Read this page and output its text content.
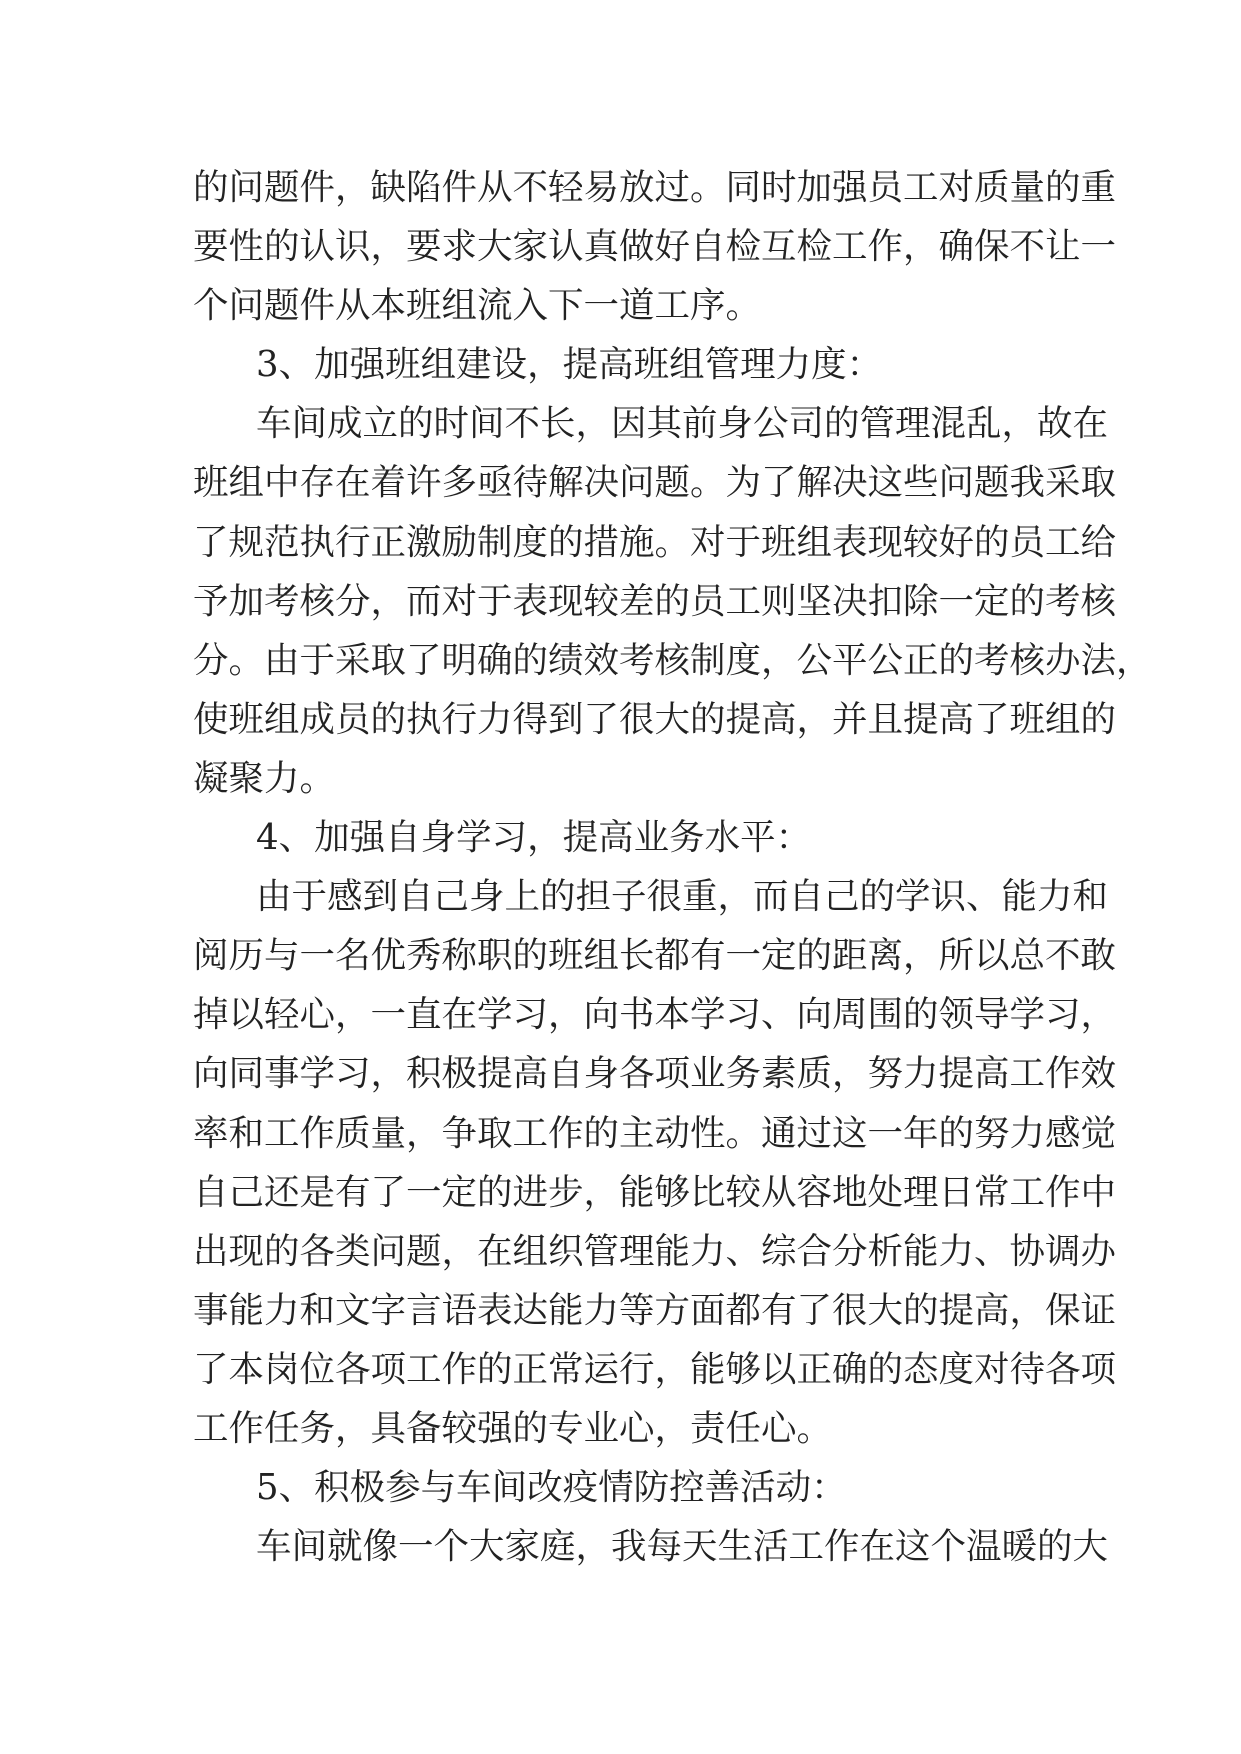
的问题件，缺陷件从不轻易放过。同时加强员工对质量的重
要性的认识，要求大家认真做好自检互检工作，确保不让一
个问题件从本班组流入下一道工序。
3、加强班组建设，提高班组管理力度：
车间成立的时间不长，因其前身公司的管理混乱，故在
班组中存在着许多亟待解决问题。为了解决这些问题我采取
了规范执行正激励制度的措施。对于班组表现较好的员工给
予加考核分，而对于表现较差的员工则坚决扣除一定的考核
分。由于采取了明确的绩效考核制度，公平公正的考核办法，
使班组成员的执行力得到了很大的提高，并且提高了班组的
凝聚力。
4、加强自身学习，提高业务水平：
由于感到自己身上的担子很重，而自己的学识、能力和
阅历与一名优秀称职的班组长都有一定的距离，所以总不敢
掉以轻心，一直在学习，向书本学习、向周围的领导学习，
向同事学习，积极提高自身各项业务素质，努力提高工作效
率和工作质量，争取工作的主动性。通过这一年的努力感觉
自己还是有了一定的进步，能够比较从容地处理日常工作中
出现的各类问题，在组织管理能力、综合分析能力、协调办
事能力和文字言语表达能力等方面都有了很大的提高，保证
了本岗位各项工作的正常运行，能够以正确的态度对待各项
工作任务，具备较强的专业心，责任心。
5、积极参与车间改疫情防控善活动：
车间就像一个大家庭，我每天生活工作在这个温暖的大
